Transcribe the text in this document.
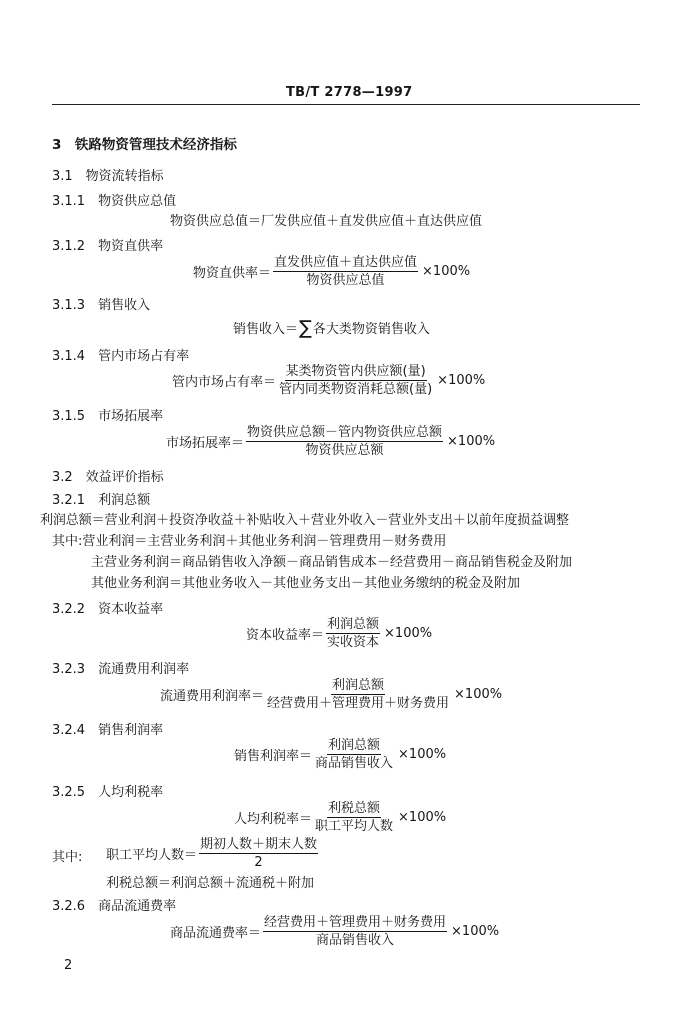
TB/T 2778—1997
3　铁路物资管理技术经济指标
3.1　物资流转指标
3.1.1　物资供应总值
物资供应总值＝厂发供应值＋直发供应值＋直达供应值
3.1.2　物资直供率
物资直供率＝ $\frac{\text{直发供应值＋直达供应值}}{\text{物资供应总值}} \times 100\%$
3.1.3　销售收入
销售收入＝ ∑ 各大类物资销售收入
3.1.4　管内市场占有率
管内市场占有率＝ $\frac{\text{某类物资管内供应额(量)}}{\text{管内同类物资消耗总额(量)}} \times 100\%$
3.1.5　市场拓展率
市场拓展率＝ $\frac{\text{物资供应总额－管内物资供应总额}}{\text{物资供应总额}} \times 100\%$
3.2　效益评价指标
3.2.1　利润总额
利润总额＝营业利润＋投资净收益＋补贴收入＋营业外收入－营业外支出＋以前年度损益调整
其中:营业利润＝主营业务利润＋其他业务利润－管理费用－财务费用
主营业务利润＝商品销售收入净额－商品销售成本－经营费用－商品销售税金及附加
其他业务利润＝其他业务收入－其他业务支出－其他业务缴纳的税金及附加
3.2.2　资本收益率
资本收益率＝ $\frac{\text{利润总额}}{\text{实收资本}} \times 100\%$
3.2.3　流通费用利润率
流通费用利润率＝ $\frac{\text{利润总额}}{\text{经营费用＋管理费用＋财务费用}} \times 100\%$
3.2.4　销售利润率
销售利润率＝ $\frac{\text{利润总额}}{\text{商品销售收入}} \times 100\%$
3.2.5　人均利税率
人均利税率＝ $\frac{\text{利税总额}}{\text{职工平均人数}} \times 100\%$
其中: 职工平均人数＝ $\frac{\text{期初人数＋期末人数}}{2}$
利税总额＝利润总额＋流通税＋附加
3.2.6　商品流通费率
商品流通费率＝ $\frac{\text{经营费用＋管理费用＋财务费用}}{\text{商品销售收入}} \times 100\%$
2
